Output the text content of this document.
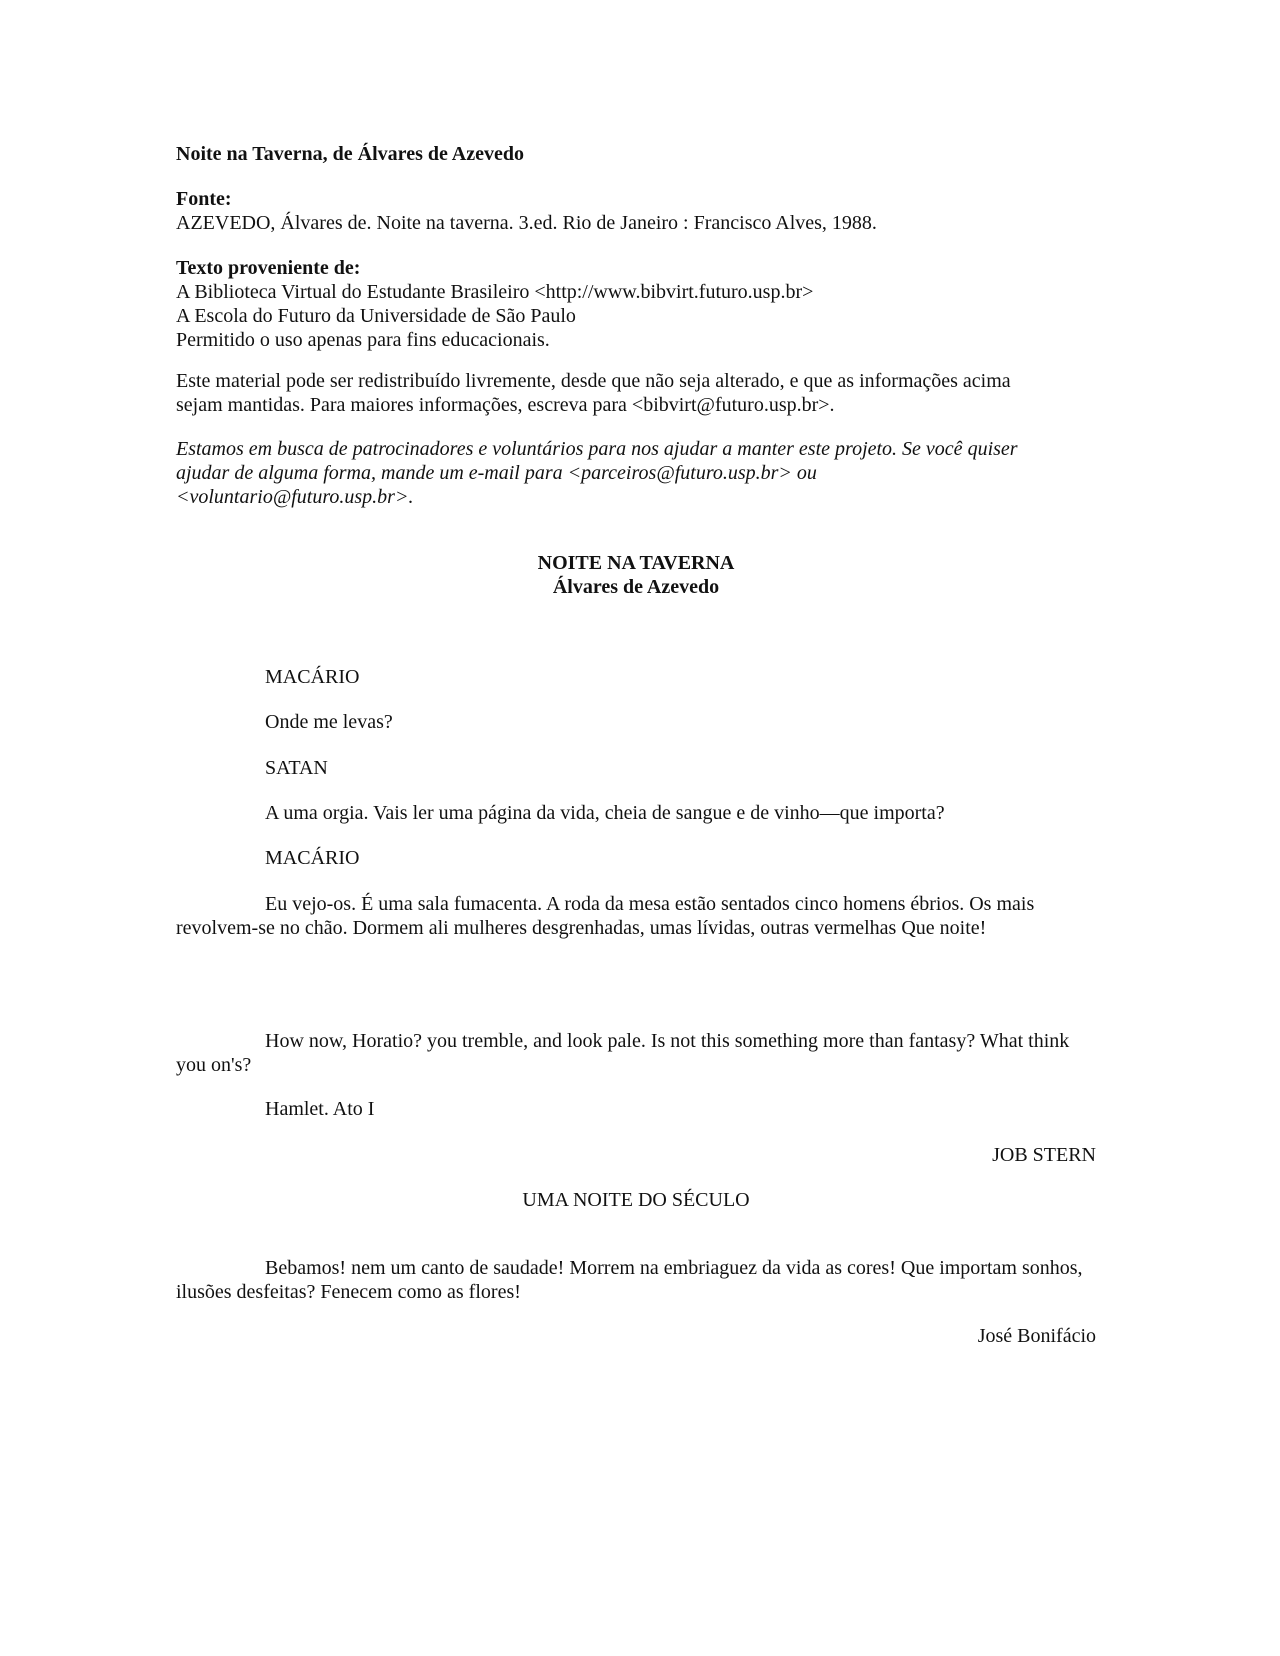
Noite na Taverna, de Álvares de Azevedo

Fonte:
AZEVEDO, Álvares de. Noite na taverna. 3.ed. Rio de Janeiro : Francisco Alves, 1988.
Texto proveniente de:
A Biblioteca Virtual do Estudante Brasileiro <http://www.bibvirt.futuro.usp.br>
A Escola do Futuro da Universidade de São Paulo
Permitido o uso apenas para fins educacionais.
Este material pode ser redistribuído livremente, desde que não seja alterado, e que as informações acima
sejam mantidas. Para maiores informações, escreva para <bibvirt@futuro.usp.br>.
Estamos em busca de patrocinadores e voluntários para nos ajudar a manter este projeto. Se você quiser
ajudar de alguma forma, mande um e-mail para <parceiros@futuro.usp.br> ou
<voluntario@futuro.usp.br>.

NOITE NA TAVERNA

Álvares de Azevedo

MACÁRIO

Onde me levas?

SATAN

A uma orgia. Vais ler uma página da vida, cheia de sangue e de vinho—que importa?

MACÁRIO

Eu vejo-os. É uma sala fumacenta. A roda da mesa estão sentados cinco homens ébrios. Os mais revolvem-se no chão. Dormem ali mulheres desgrenhadas, umas lívidas, outras vermelhas Que noite!

How now, Horatio? you tremble, and look pale. Is not this something more than fantasy? What think you on's?

Hamlet. Ato I

JOB STERN

UMA NOITE DO SÉCULO

Bebamos! nem um canto de saudade! Morrem na embriaguez da vida as cores! Que importam sonhos, ilusões desfeitas? Fenecem como as flores!

José Bonifácio
